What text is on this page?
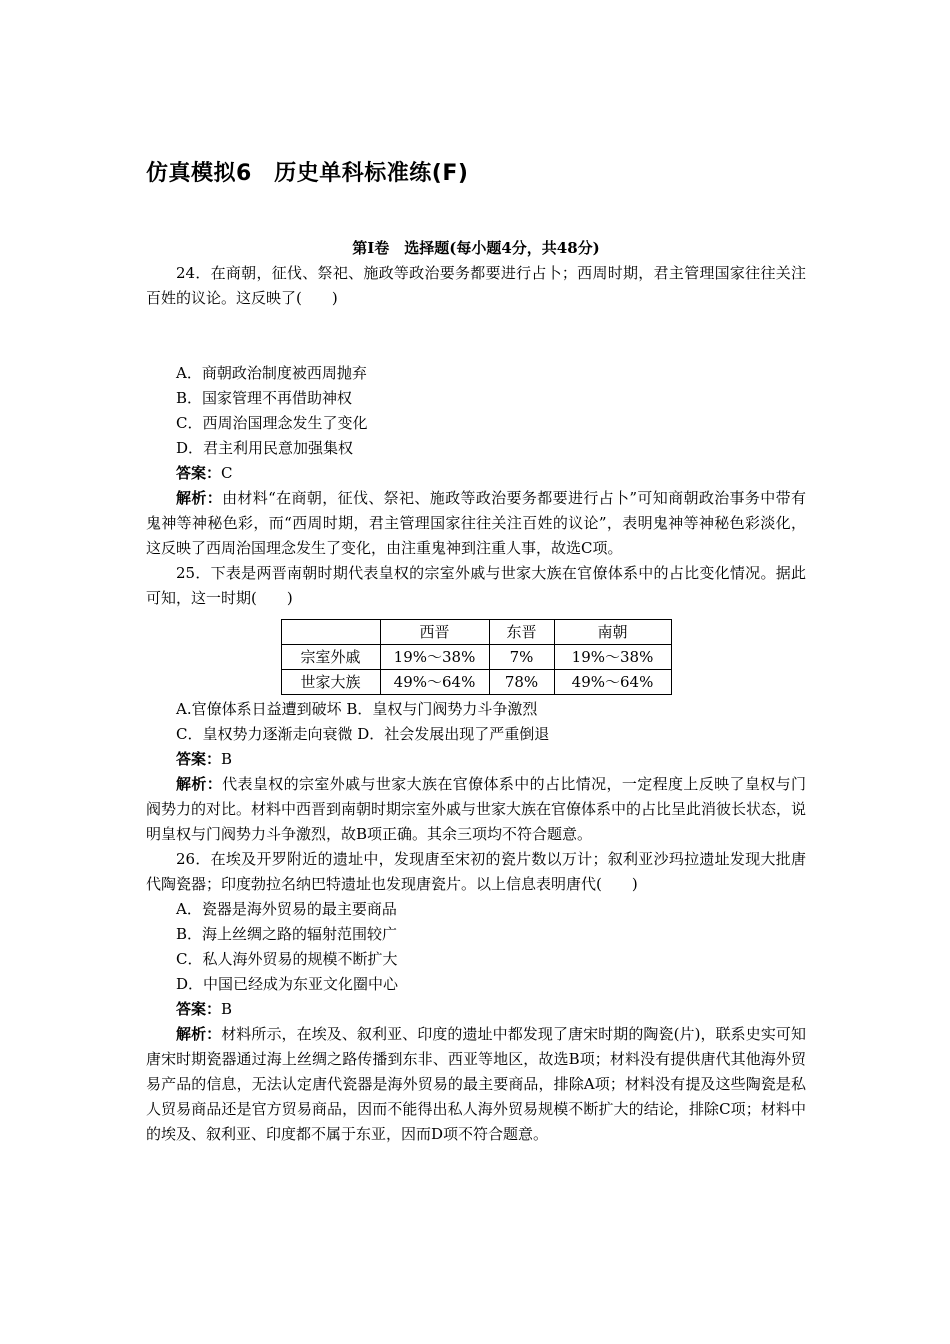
仿真模拟6　历史单科标准练(F)

第Ⅰ卷　选择题(每小题4分，共48分)

24．在商朝，征伐、祭祀、施政等政治要务都要进行占卜；西周时期，君主管理国家往往关注百姓的议论。这反映了(　　)

A．商朝政治制度被西周抛弃

B．国家管理不再借助神权

C．西周治国理念发生了变化

D．君主利用民意加强集权

答案：C

解析：由材料“在商朝，征伐、祭祀、施政等政治要务都要进行占卜”可知商朝政治事务中带有鬼神等神秘色彩，而“西周时期，君主管理国家往往关注百姓的议论”，表明鬼神等神秘色彩淡化，这反映了西周治国理念发生了变化，由注重鬼神到注重人事，故选C项。

25．下表是两晋南朝时期代表皇权的宗室外戚与世家大族在官僚体系中的占比变化情况。据此可知，这一时期(　　)

	西晋	东晋	南朝
宗室外戚	19%～38%	7%	19%～38%
世家大族	49%～64%	78%	49%～64%

A.官僚体系日益遭到破坏 B．皇权与门阀势力斗争激烈

C．皇权势力逐渐走向衰微 D．社会发展出现了严重倒退

答案：B

解析：代表皇权的宗室外戚与世家大族在官僚体系中的占比情况，一定程度上反映了皇权与门阀势力的对比。材料中西晋到南朝时期宗室外戚与世家大族在官僚体系中的占比呈此消彼长状态，说明皇权与门阀势力斗争激烈，故B项正确。其余三项均不符合题意。

26．在埃及开罗附近的遗址中，发现唐至宋初的瓷片数以万计；叙利亚沙玛拉遗址发现大批唐代陶瓷器；印度勃拉名纳巴特遗址也发现唐瓷片。以上信息表明唐代(　　)

A．瓷器是海外贸易的最主要商品

B．海上丝绸之路的辐射范围较广

C．私人海外贸易的规模不断扩大

D．中国已经成为东亚文化圈中心

答案：B

解析：材料所示，在埃及、叙利亚、印度的遗址中都发现了唐宋时期的陶瓷(片)，联系史实可知唐宋时期瓷器通过海上丝绸之路传播到东非、西亚等地区，故选B项；材料没有提供唐代其他海外贸易产品的信息，无法认定唐代瓷器是海外贸易的最主要商品，排除A项；材料没有提及这些陶瓷是私人贸易商品还是官方贸易商品，因而不能得出私人海外贸易规模不断扩大的结论，排除C项；材料中的埃及、叙利亚、印度都不属于东亚，因而D项不符合题意。
